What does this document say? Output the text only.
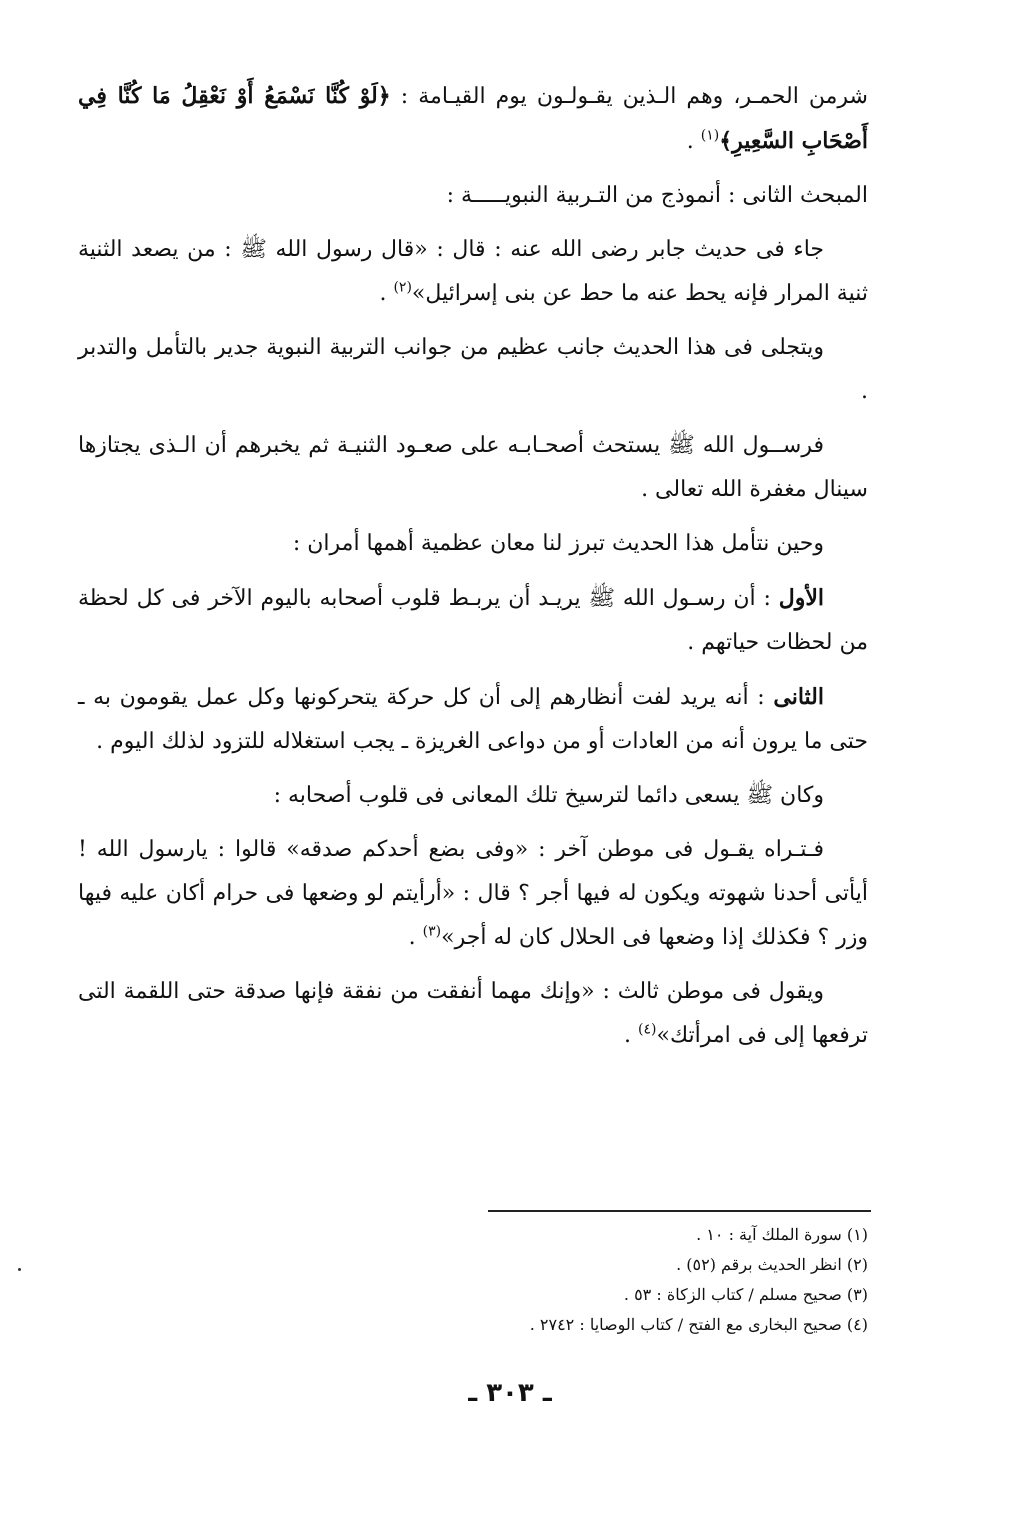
شرمن الحمـر، وهم الـذين يقـولـون يوم القيـامة : ﴿لَوْ كُنَّا نَسْمَعُ أَوْ نَعْقِلُ مَا كُنَّا فِي أَصْحَابِ السَّعِيرِ﴾$^{(١)}$ .

المبحث الثانى : أنموذج من التـربية النبويـــــة :

جاء فى حديث جابر رضى الله عنه : قال : «قال رسول الله ﷺ : من يصعد الثنية ثنية المرار فإنه يحط عنه ما حط عن بنى إسرائيل»$^{(٢)}$ .

ويتجلى فى هذا الحديث جانب عظيم من جوانب التربية النبوية جدير بالتأمل والتدبر .

فرســول الله ﷺ يستحث أصحـابـه على صعـود الثنيـة ثم يخبرهم أن الـذى يجتازها سينال مغفرة الله تعالى .

وحين نتأمل هذا الحديث تبرز لنا معان عظمية أهمها أمران :

الأول : أن رسـول الله ﷺ يريـد أن يربـط قلوب أصحابه باليوم الآخر فى كل لحظة من لحظات حياتهم .

الثانى : أنه يريد لفت أنظارهم إلى أن كل حركة يتحركونها وكل عمل يقومون به ـ حتى ما يرون أنه من العادات أو من دواعى الغريزة ـ يجب استغلاله للتزود لذلك اليوم .

وكان ﷺ يسعى دائما لترسيخ تلك المعانى فى قلوب أصحابه :

فـتـراه يقـول فى موطن آخر : «وفى بضع أحدكم صدقه» قالوا : يارسول الله ! أيأتى أحدنا شهوته ويكون له فيها أجر ؟ قال : «أرأيتم لو وضعها فى حرام أكان عليه فيها وزر ؟ فكذلك إذا وضعها فى الحلال كان له أجر»$^{(٣)}$ .

ويقول فى موطن ثالث : «وإنك مهما أنفقت من نفقة فإنها صدقة حتى اللقمة التى ترفعها إلى فى امرأتك»$^{(٤)}$ .

(١) سورة الملك آية : ١٠ .

(٢) انظر الحديث برقم (٥٢) .

(٣) صحيح مسلم / كتاب الزكاة : ٥٣ .

(٤) صحيح البخارى مع الفتح / كتاب الوصايا : ٢٧٤٢ .

ـ ٣٠٣ ـ
